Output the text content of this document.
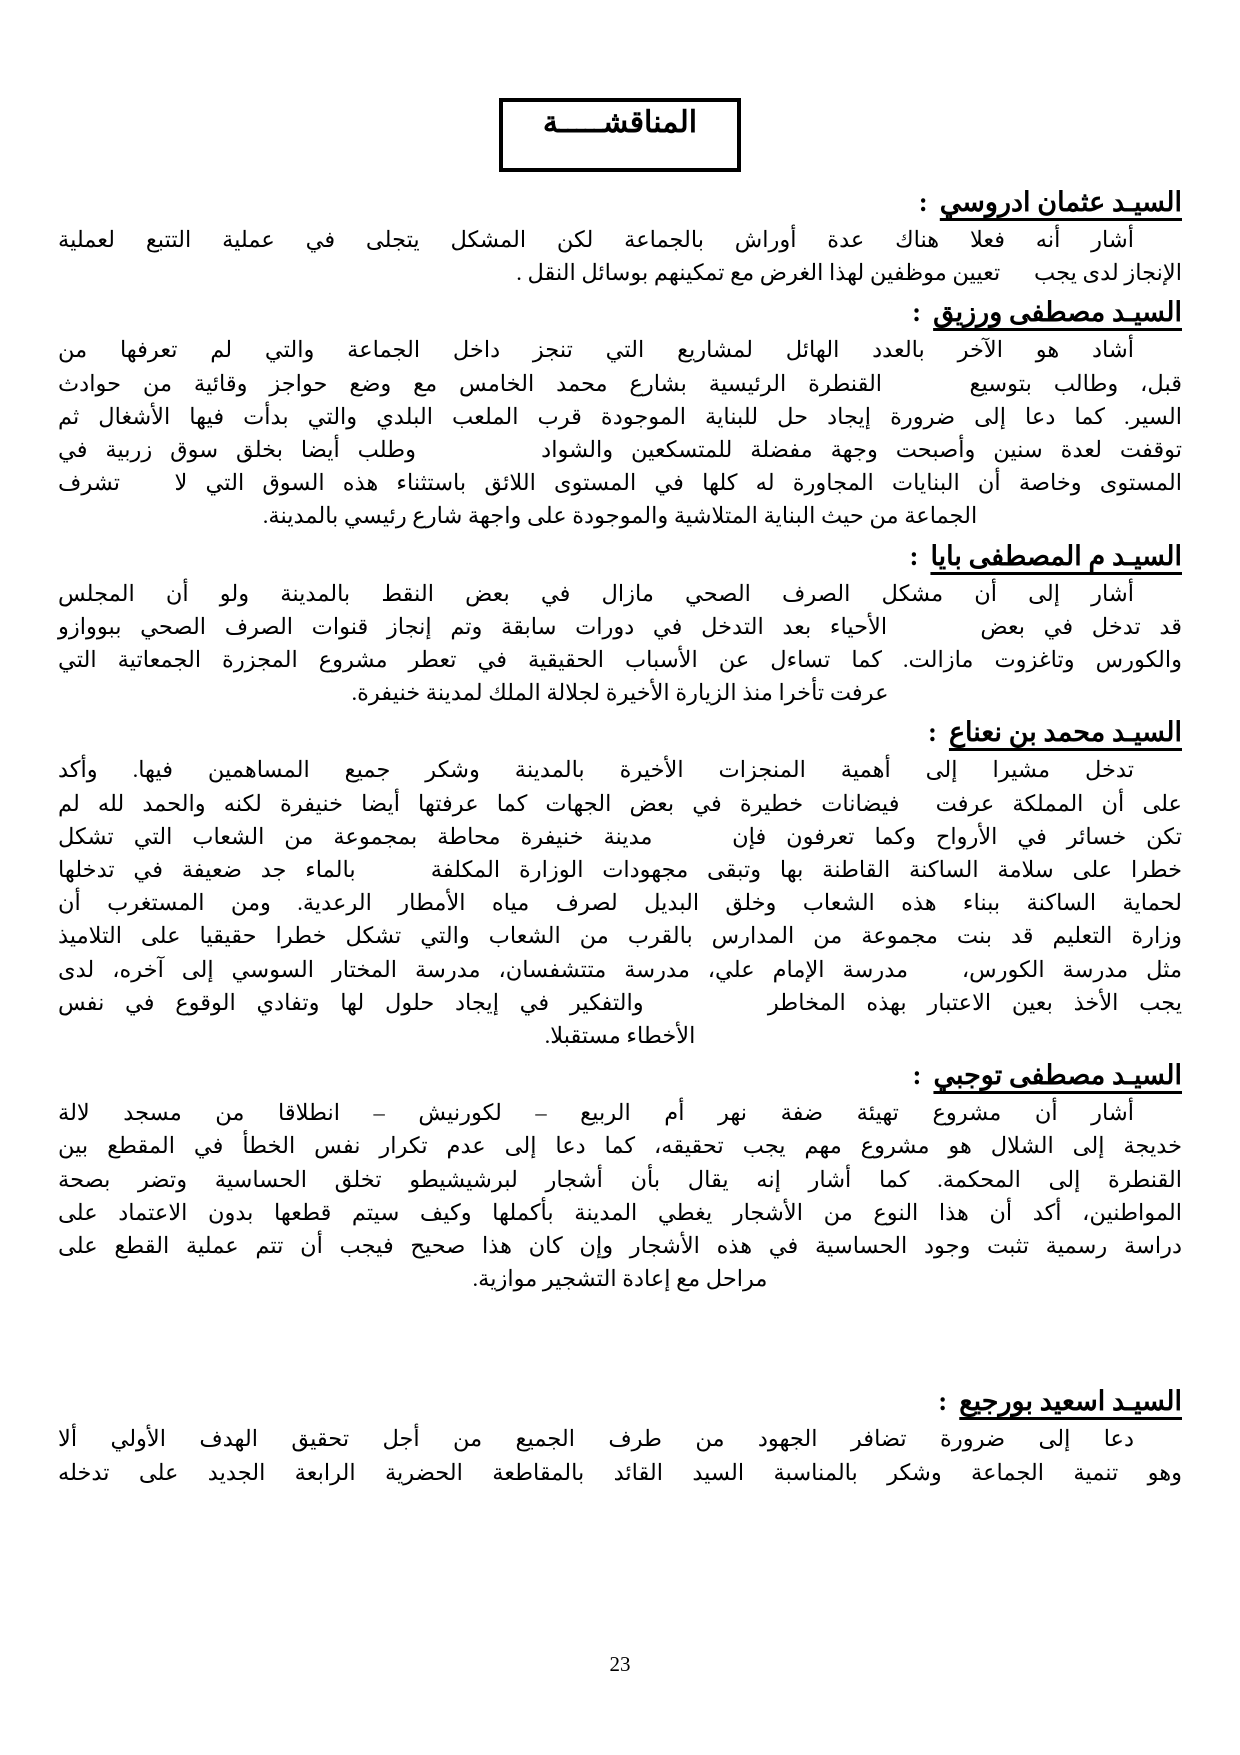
المناقشـــــة
السيـد عثمان ادروسي:
أشار أنه فعلا هناك عدة أوراش بالجماعة لكن المشكل يتجلى في عملية التتبع لعملية
الإنجاز لدى يجب      تعيين موظفين لهذا الغرض مع تمكينهم بوسائل النقل .
السيـد مصطفى ورزيق:
أشاد هو الآخر بالعدد الهائل لمشاريع التي تنجز داخل الجماعة والتي لم تعرفها من
قبل، وطالب بتوسيع    القنطرة الرئيسية بشارع محمد الخامس مع وضع حواجز وقائية من حوادث
السير. كما دعا إلى ضرورة إيجاد حل للبناية الموجودة قرب الملعب البلدي والتي بدأت فيها الأشغال ثم
توقفت لعدة سنين وأصبحت وجهة مفضلة للمتسكعين والشواد       وطلب أيضا بخلق سوق زربية في
المستوى وخاصة أن البنايات المجاورة له كلها في المستوى اللائق باستثناء هذه السوق التي لا   تشرف
الجماعة من حيث البناية المتلاشية والموجودة على واجهة شارع رئيسي بالمدينة.
السيـد م المصطفى بايا:
أشار إلى أن مشكل الصرف الصحي مازال في بعض النقط بالمدينة ولو أن المجلس
قد تدخل في بعض     الأحياء بعد التدخل في دورات سابقة وتم إنجاز قنوات الصرف الصحي ببووازو
والكورس وتاغزوت مازالت. كما تساءل عن الأسباب الحقيقية في تعطر مشروع المجزرة الجمعاتية التي
عرفت تأخرا منذ الزيارة الأخيرة لجلالة الملك لمدينة خنيفرة.
السيـد محمد بن نعناع:
تدخل مشيرا إلى أهمية المنجزات الأخيرة بالمدينة وشكر جميع المساهمين فيها. وأكد
على أن المملكة عرفت  فيضانات خطيرة في بعض الجهات كما عرفتها أيضا خنيفرة لكنه والحمد لله لم
تكن خسائر في الأرواح وكما تعرفون فإن    مدينة خنيفرة محاطة بمجموعة من الشعاب التي تشكل
خطرا على سلامة الساكنة القاطنة بها وتبقى مجهودات الوزارة المكلفة    بالماء جد ضعيفة في تدخلها
لحماية الساكنة ببناء هذه الشعاب وخلق البديل لصرف مياه الأمطار الرعدية. ومن المستغرب أن
وزارة التعليم قد بنت مجموعة من المدارس بالقرب من الشعاب والتي تشكل خطرا حقيقيا على التلاميذ
مثل مدرسة الكورس،   مدرسة الإمام علي، مدرسة متتشفسان، مدرسة المختار السوسي إلى آخره، لدى
يجب الأخذ بعين الاعتبار بهذه المخاطر      والتفكير في إيجاد حلول لها وتفادي الوقوع في نفس
الأخطاء مستقبلا.
السيـد مصطفى توجبي:
أشار أن مشروع تهيئة ضفة نهر أم الربيع – لكورنيش – انطلاقا من مسجد لالة
خديجة إلى الشلال هو مشروع مهم يجب تحقيقه، كما دعا إلى عدم تكرار نفس الخطأ في المقطع بين
القنطرة إلى المحكمة. كما أشار إنه يقال بأن أشجار لبرشيشيطو تخلق الحساسية وتضر بصحة
المواطنين، أكد أن هذا النوع من الأشجار يغطي المدينة بأكملها وكيف سيتم قطعها بدون الاعتماد على
دراسة رسمية تثبت وجود الحساسية في هذه الأشجار وإن كان هذا صحيح فيجب أن تتم عملية القطع على
مراحل مع إعادة التشجير موازية.
السيـد اسعيد بورجيع:
دعا إلى ضرورة تضافر الجهود من طرف الجميع من أجل تحقيق الهدف الأولي ألا
وهو تنمية الجماعة وشكر بالمناسبة السيد القائد بالمقاطعة الحضرية الرابعة الجديد على تدخله
23
